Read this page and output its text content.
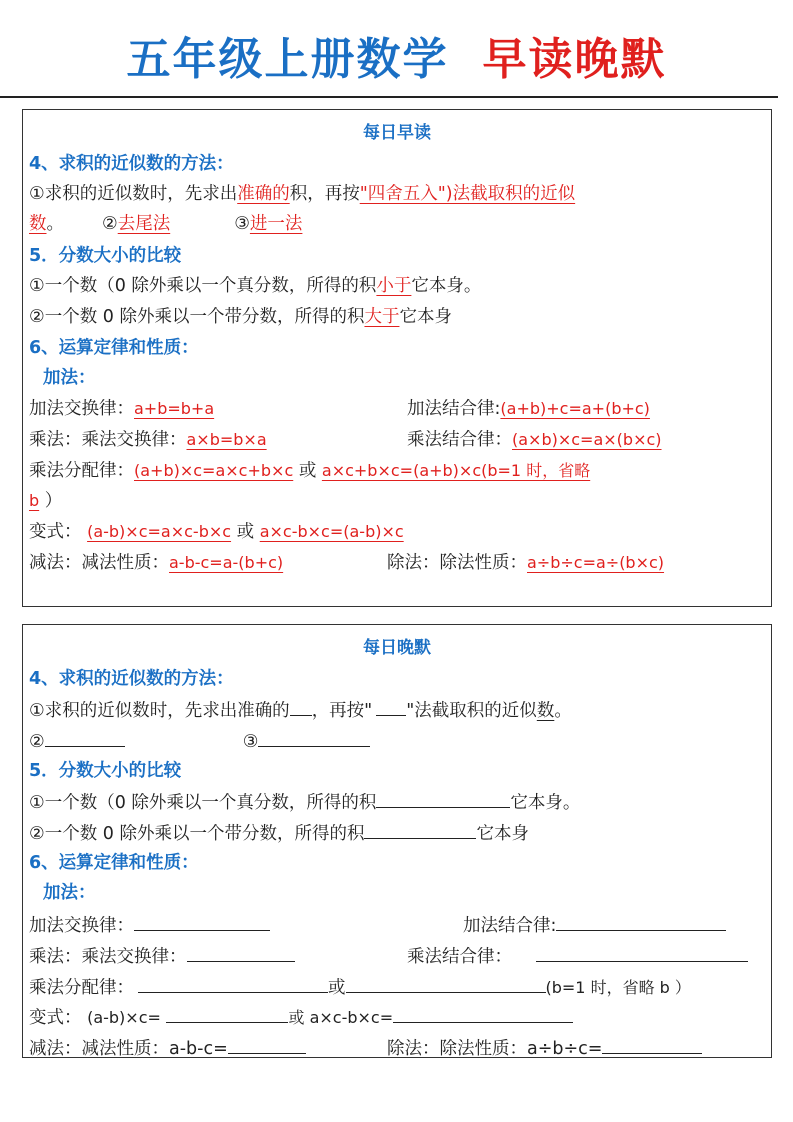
五年级上册数学 早读晚默
每日早读
4、求积的近似数的方法：
①求积的近似数时，先求出准确的积，再按"四舍五入")法截取积的近似
数。 ②去尾法	③进一法
5．分数大小的比较
①一个数（0 除外乘以一个真分数，所得的积小于它本身。
②一个数 0 除外乘以一个带分数，所得的积大于它本身
6、运算定律和性质：
加法：
加法交换律：a+b=b+a	加法结合律:(a+b)+c=a+(b+c)
乘法：乘法交换律：a×b=b×a	乘法结合律：(a×b)×c=a×(b×c)
乘法分配律：(a+b)×c=a×c+b×c 或 a×c+b×c=(a+b)×c(b=1 时，省略
b ）
变式： (a-b)×c=a×c-b×c 或 a×c-b×c=(a-b)×c
减法：减法性质：a-b-c=a-(b+c)	除法：除法性质：a÷b÷c=a÷(b×c)
每日晚默
4、求积的近似数的方法：
①求积的近似数时，先求出准确的 ，再按" "法截取积的近似数。
②	③
5．分数大小的比较
①一个数（0 除外乘以一个真分数，所得的积	它本身。
②一个数 0 除外乘以一个带分数，所得的积	它本身
6、运算定律和性质：
加法：
加法交换律：	加法结合律:
乘法：乘法交换律：	乘法结合律：
乘法分配律：	或	(b=1 时，省略 b ）
变式： (a-b)×c=	或 a×c-b×c=
减法：减法性质：a-b-c=	除法：除法性质：a÷b÷c=
